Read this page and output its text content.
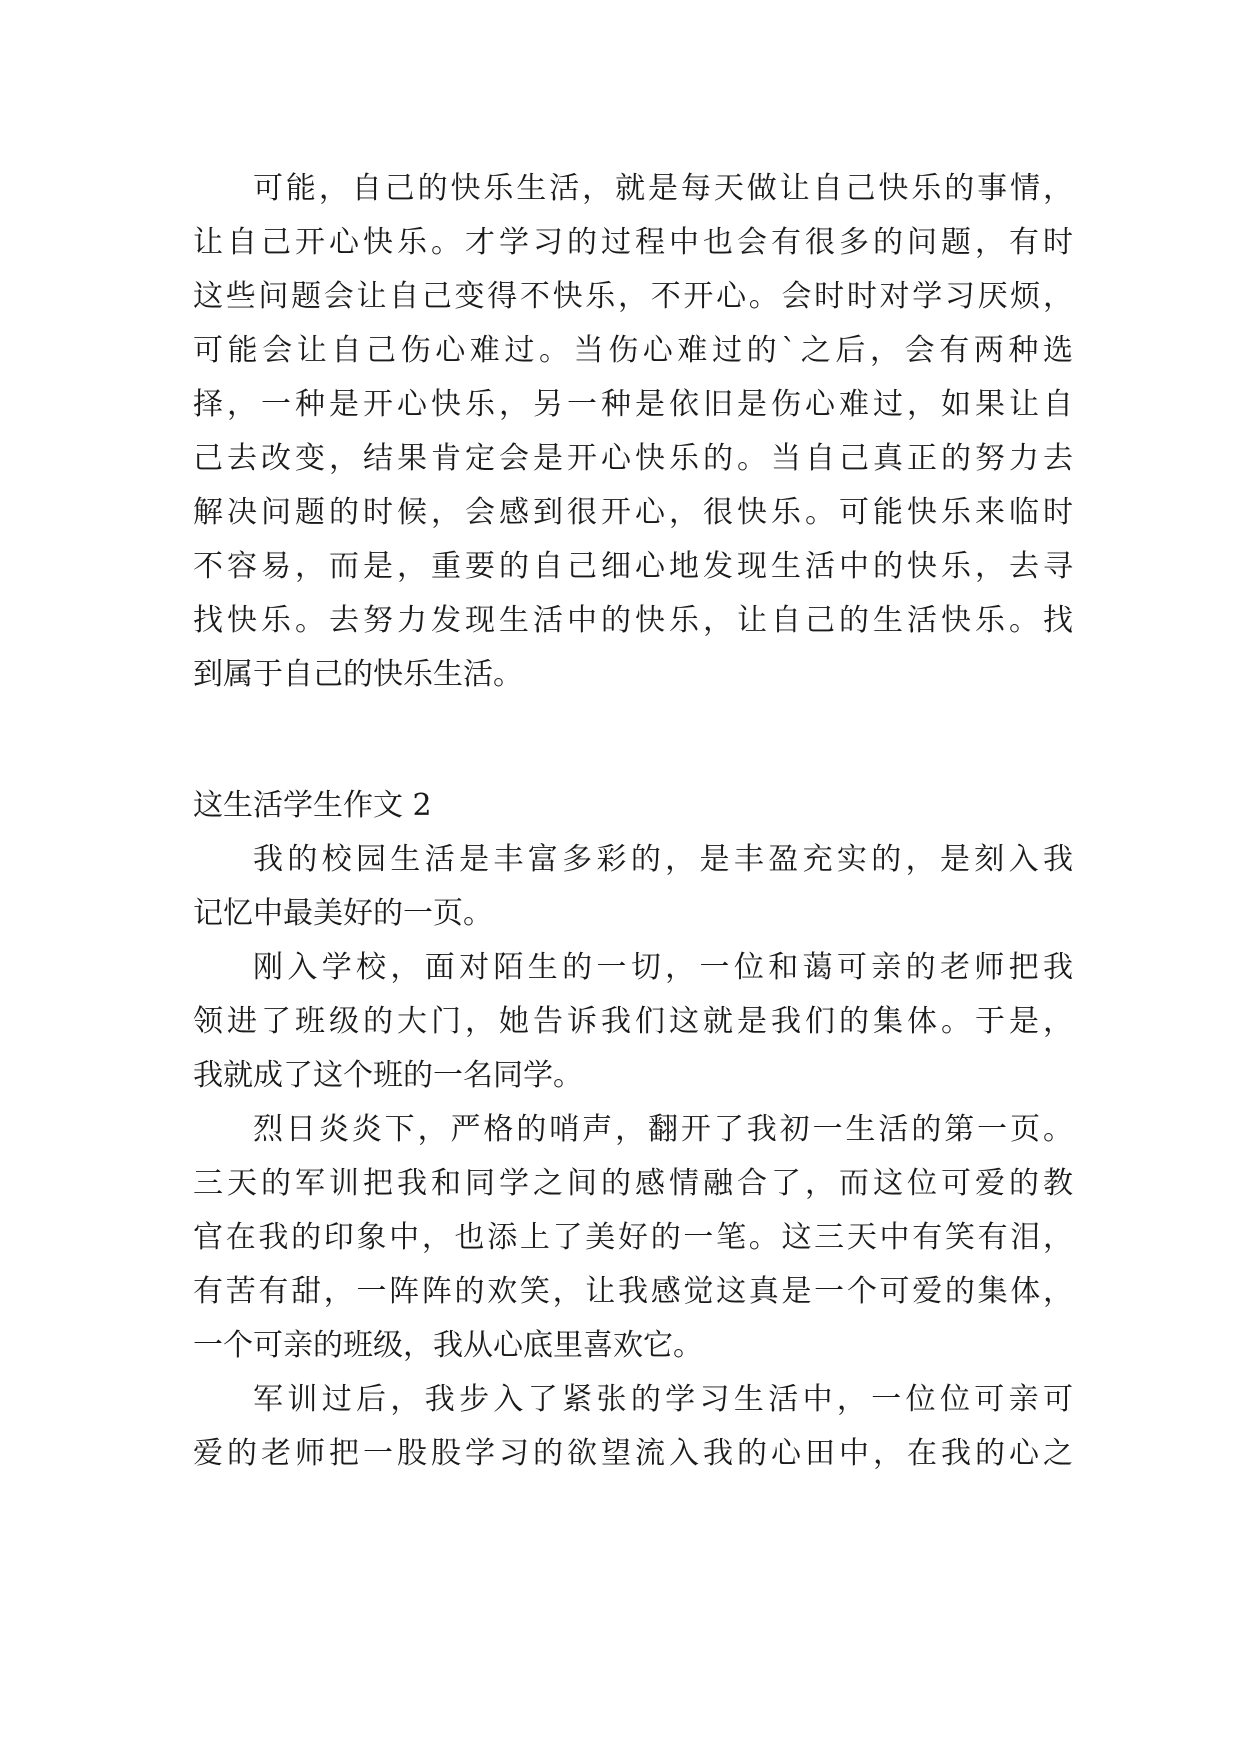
可能，自己的快乐生活，就是每天做让自己快乐的事情，
让自己开心快乐。才学习的过程中也会有很多的问题，有时
这些问题会让自己变得不快乐，不开心。会时时对学习厌烦，
可能会让自己伤心难过。当伤心难过的`之后，会有两种选
择，一种是开心快乐，另一种是依旧是伤心难过，如果让自
己去改变，结果肯定会是开心快乐的。当自己真正的努力去
解决问题的时候，会感到很开心，很快乐。可能快乐来临时
不容易，而是，重要的自己细心地发现生活中的快乐，去寻
找快乐。去努力发现生活中的快乐，让自己的生活快乐。找
到属于自己的快乐生活。
这生活学生作文 2
我的校园生活是丰富多彩的，是丰盈充实的，是刻入我
记忆中最美好的一页。
刚入学校，面对陌生的一切，一位和蔼可亲的老师把我
领进了班级的大门，她告诉我们这就是我们的集体。于是，
我就成了这个班的一名同学。
烈日炎炎下，严格的哨声，翻开了我初一生活的第一页。
三天的军训把我和同学之间的感情融合了，而这位可爱的教
官在我的印象中，也添上了美好的一笔。这三天中有笑有泪，
有苦有甜，一阵阵的欢笑，让我感觉这真是一个可爱的集体，
一个可亲的班级，我从心底里喜欢它。
军训过后，我步入了紧张的学习生活中，一位位可亲可
爱的老师把一股股学习的欲望流入我的心田中，在我的心之
